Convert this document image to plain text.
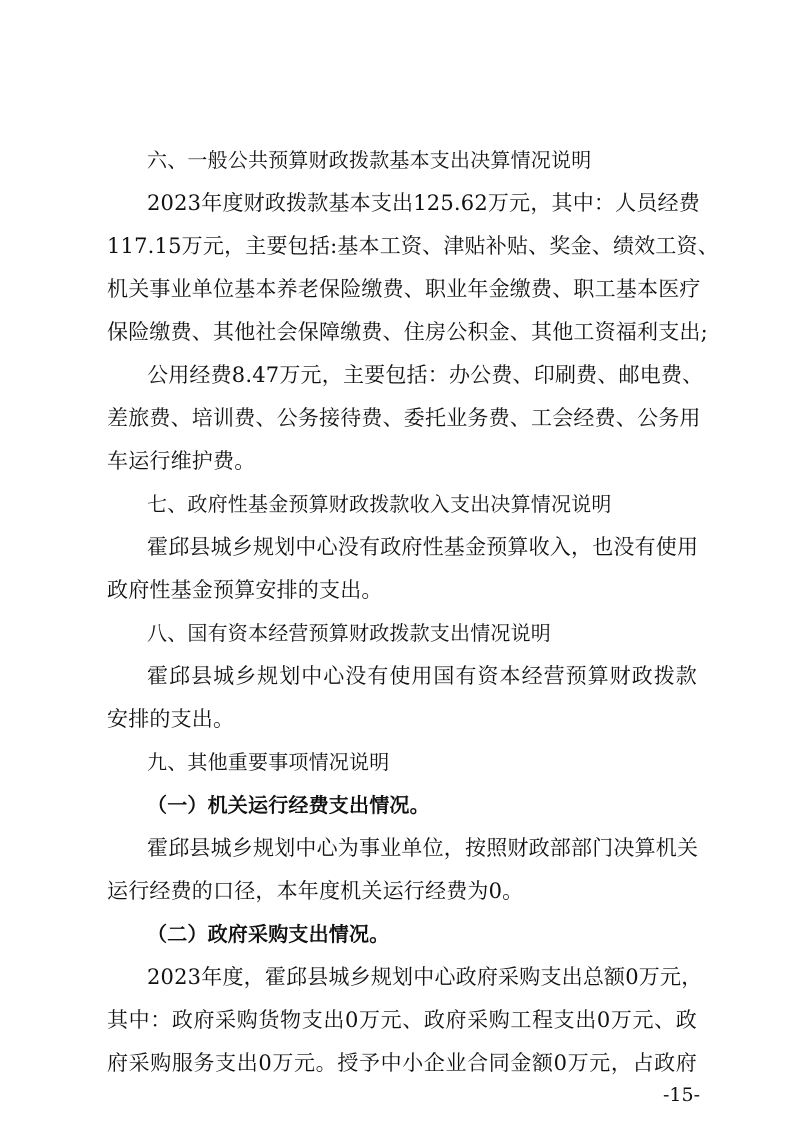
六、一般公共预算财政拨款基本支出决算情况说明
2023年度财政拨款基本支出125.62万元，其中：人员经费
117.15万元，主要包括:基本工资、津贴补贴、奖金、绩效工资、
机关事业单位基本养老保险缴费、职业年金缴费、职工基本医疗
保险缴费、其他社会保障缴费、住房公积金、其他工资福利支出;
公用经费8.47万元，主要包括：办公费、印刷费、邮电费、
差旅费、培训费、公务接待费、委托业务费、工会经费、公务用
车运行维护费。
七、政府性基金预算财政拨款收入支出决算情况说明
霍邱县城乡规划中心没有政府性基金预算收入，也没有使用
政府性基金预算安排的支出。
八、国有资本经营预算财政拨款支出情况说明
霍邱县城乡规划中心没有使用国有资本经营预算财政拨款
安排的支出。
九、其他重要事项情况说明
（一）机关运行经费支出情况。
霍邱县城乡规划中心为事业单位，按照财政部部门决算机关
运行经费的口径，本年度机关运行经费为0。
（二）政府采购支出情况。
2023年度，霍邱县城乡规划中心政府采购支出总额0万元，
其中：政府采购货物支出0万元、政府采购工程支出0万元、政
府采购服务支出0万元。授予中小企业合同金额0万元，占政府
-15-
